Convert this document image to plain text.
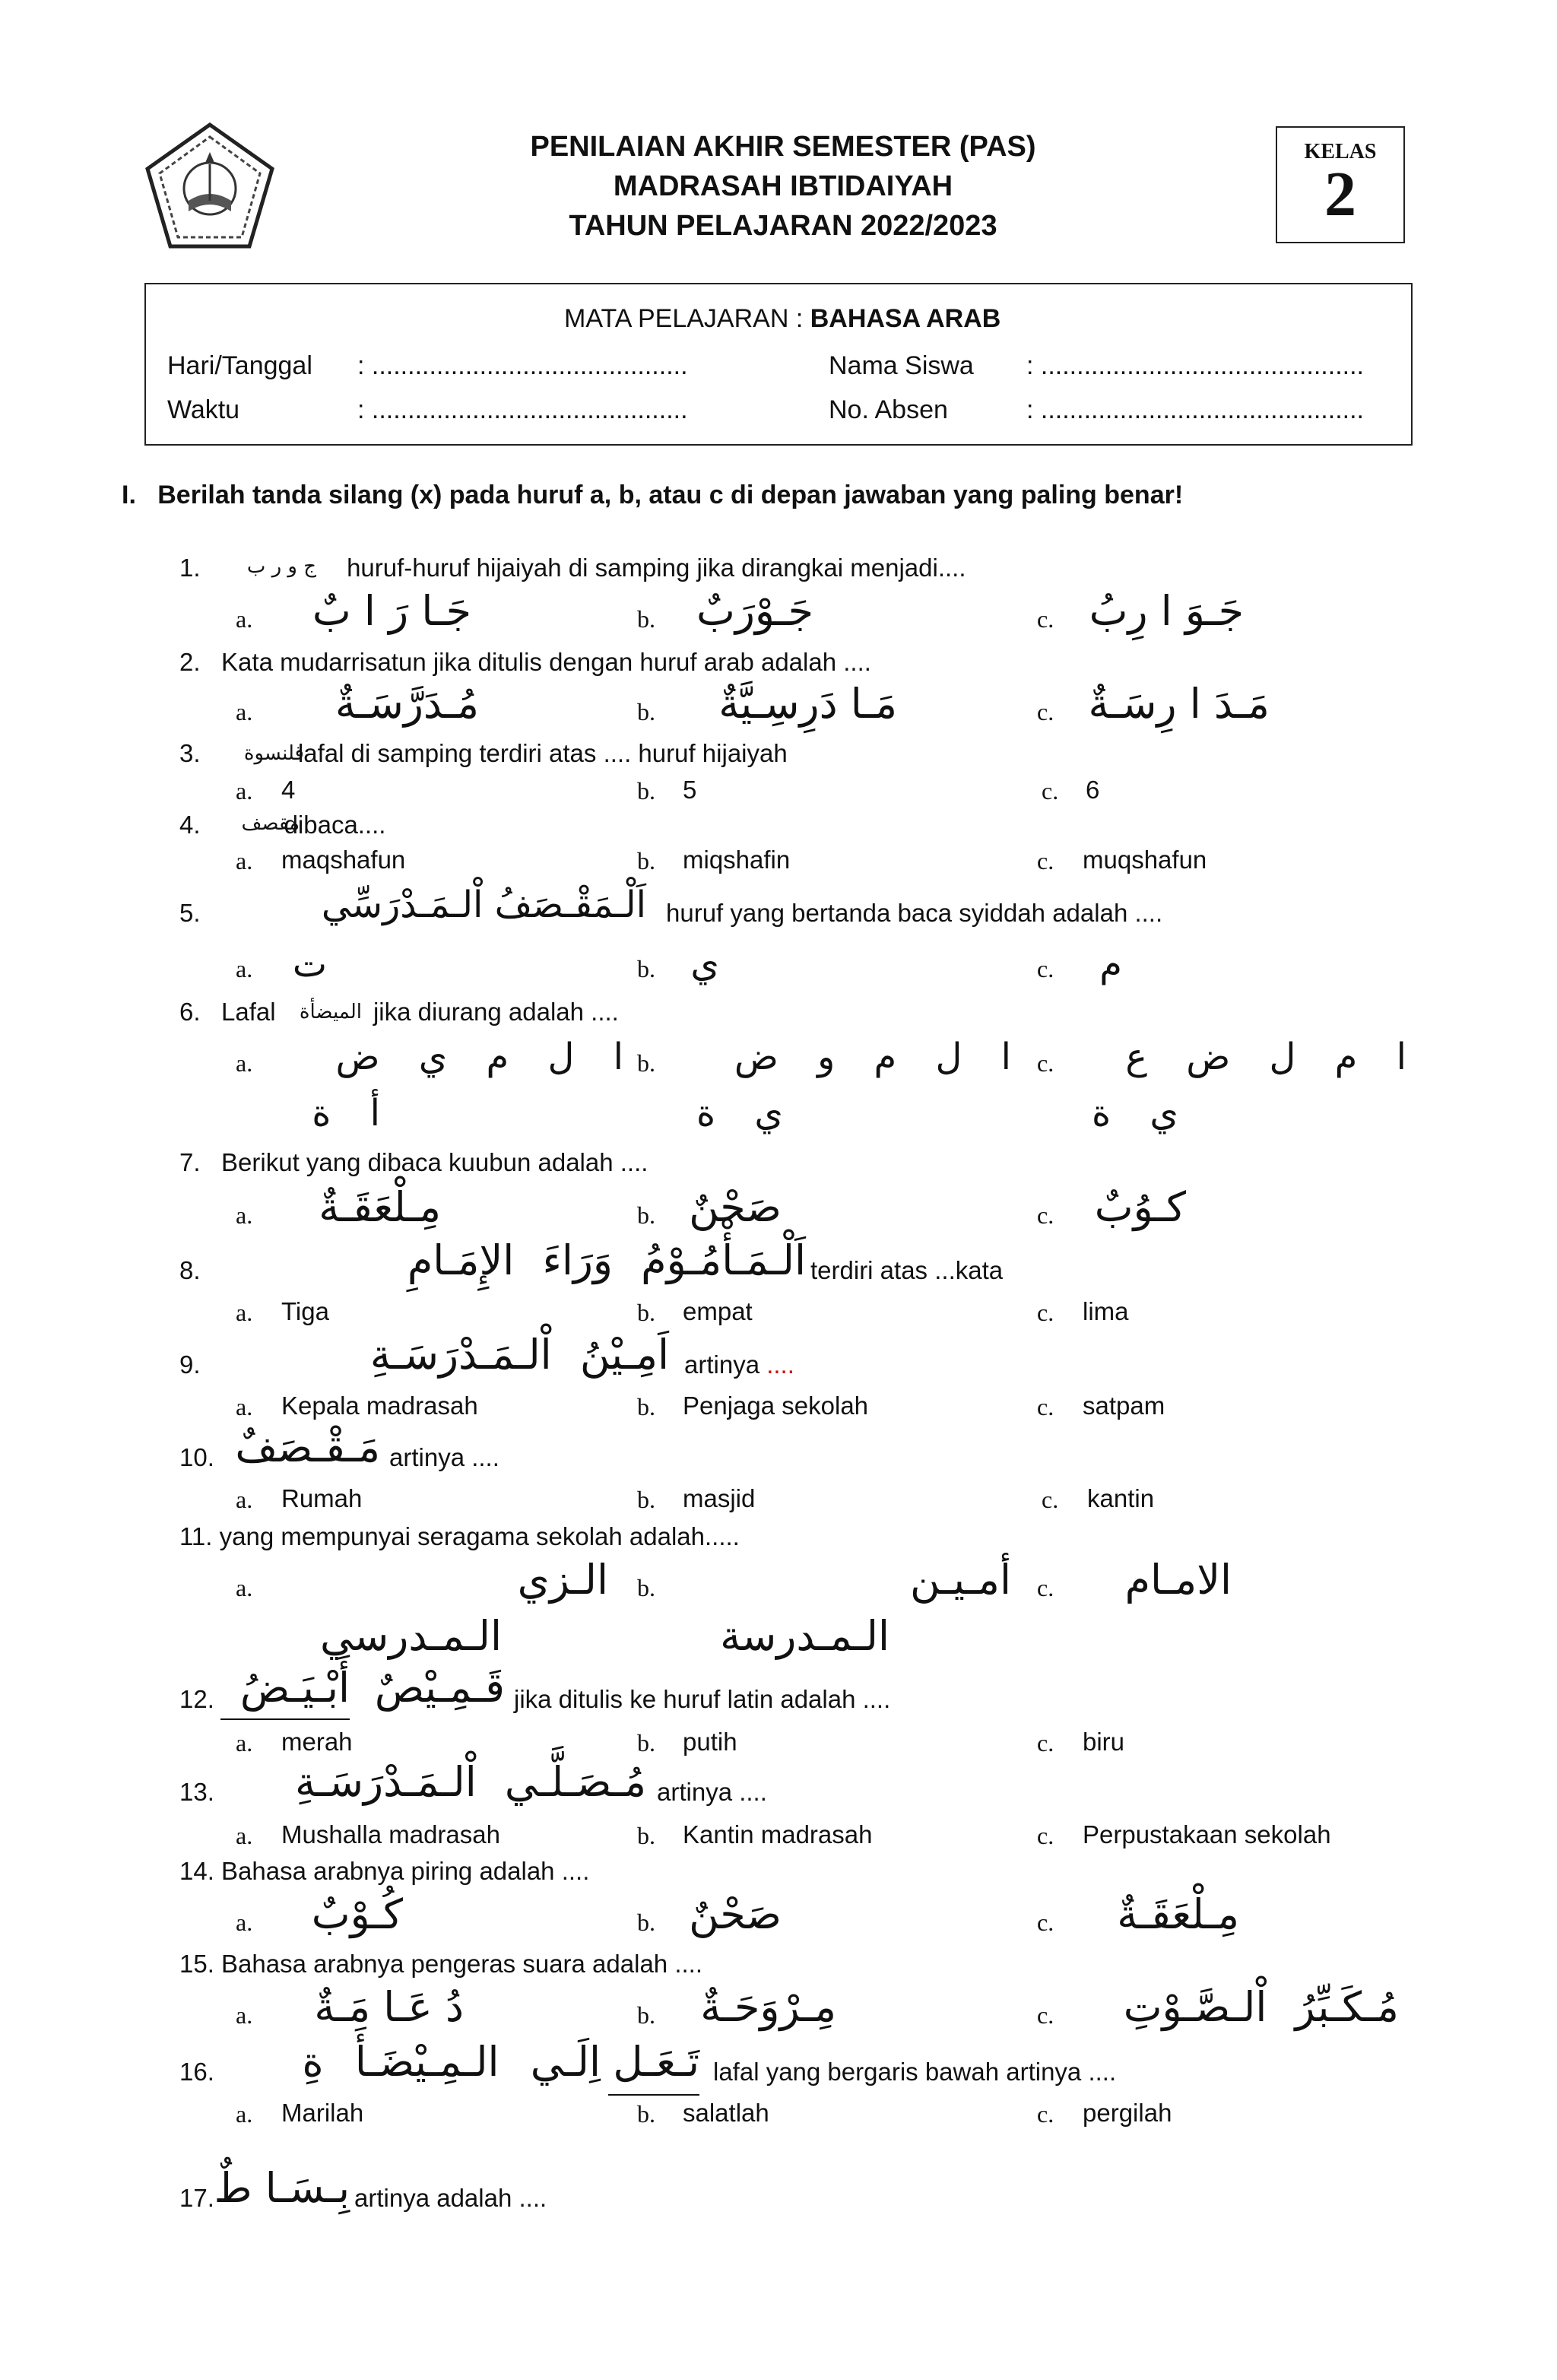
PENILAIAN AKHIR SEMESTER (PAS)
MADRASAH IBTIDAIYAH
TAHUN PELAJARAN 2022/2023
KELAS
2
MATA PELAJARAN : BAHASA ARAB
Hari/Tanggal : ............................................
Waktu	: ............................................
Nama Siswa : .............................................
No. Absen	: .............................................
I. Berilah tanda silang (x) pada huruf a, b, atau c di depan jawaban yang paling benar!
1.	huruf-huruf hijaiyah di samping jika dirangkai menjadi....
ج و ر ب
a. جَـا رَ ا بٌ	b. جَـوْرَبٌ	c. جَـوَ ا رِبُ
2. Kata mudarrisatun jika ditulis dengan huruf arab adalah ....
a.	مُـدَرَّسَـةٌ	b.	مَـا دَرِسِـيَّةٌ	c. مَـدَ ا رِسَـةٌ
3.	lafal di samping terdiri atas .... huruf hijaiyah
قلنسوة
a. 4	b. 5	c. 6
4.	dibaca....
مقصف
a. maqshafun	b. miqshafin	c. muqshafun
5.	اَلْـمَقْـصَفُ اْلـمَـدْرَسِّي huruf yang bertanda baca syiddah adalah ....
a.	ت	b. ي	c.	م
6. Lafal	jika diurang adalah ....
الميضأة
a.	ا ل م ي ض
أ ة
b.	ا ل م و ض
ي ة
c. ا م ل ض ع
ي ة
7. Berikut yang dibaca kuubun adalah ....
a.	مِـلْعَقَـةٌ	b. صَحْنٌ	c. كـوُبٌ
8.	اَلْـمَـأْمُـوْمُ وَرَاءَ الإِمَـامِ terdiri atas ...kata
a. Tiga	b. empat	c. lima
9.	اَمِـيْنُ اْلـمَـدْرَسَـةِ artinya ....
a. Kepala madrasah	b. Penjaga sekolah	c. satpam
10. مَـقْـصَفٌ artinya ....
a. Rumah	b. masjid	c. kantin
11. yang mempunyai seragama sekolah adalah.....
a.	الـزي
الـمـدرسي
b.	أمـيـن
الـمـدرسة
c.	الامـام
12. أَبْـيَـضُ قَـمِـيْصٌ jika ditulis ke huruf latin adalah ....
a. merah	b. putih	c. biru
13.	مُـصَـلَّـي اْلـمَـدْرَسَـةِ artinya ....
a. Mushalla madrasah	b. Kantin madrasah	c. Perpustakaan sekolah
14. Bahasa arabnya piring adalah ....
a.	كُـوْبٌ	b. صَحْنٌ	c.	مِـلْعَقَـةٌ
15. Bahasa arabnya pengeras suara adalah ....
a.	دُ عَـا مَـةٌ	b.	مِـرْوَحَـةٌ	c.	مُـكَـبِّرُ اْلـصَّـوْتِ
16.	اِلَـي الـمِـيْضَـأَ ةِ تَـعَـل lafal yang bergaris bawah artinya ....
a. Marilah	b. salatlah	c. pergilah
17. بِـسَـا طٌ artinya adalah ....
